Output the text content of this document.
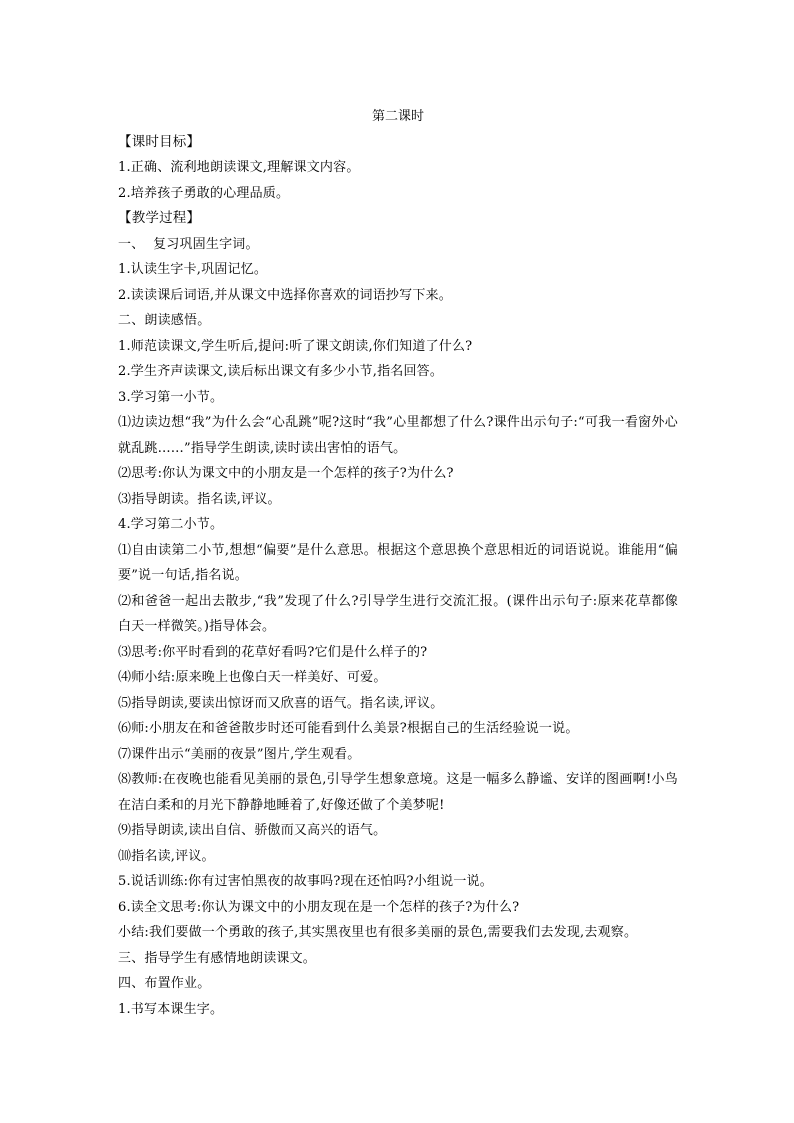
第二课时
【课时目标】
1.正确、流利地朗读课文,理解课文内容。
2.培养孩子勇敢的心理品质。
【教学过程】
一、  复习巩固生字词。
1.认读生字卡,巩固记忆。
2.读读课后词语,并从课文中选择你喜欢的词语抄写下来。
二、朗读感悟。
1.师范读课文,学生听后,提问:听了课文朗读,你们知道了什么?
2.学生齐声读课文,读后标出课文有多少小节,指名回答。
3.学习第一小节。
⑴边读边想“我”为什么会“心乱跳”呢?这时“我”心里都想了什么?课件出示句子:“可我一看窗外心就乱跳……”指导学生朗读,读时读出害怕的语气。
⑵思考:你认为课文中的小朋友是一个怎样的孩子?为什么?
⑶指导朗读。指名读,评议。
4.学习第二小节。
⑴自由读第二小节,想想“偏要”是什么意思。根据这个意思换个意思相近的词语说说。谁能用“偏要”说一句话,指名说。
⑵和爸爸一起出去散步,“我”发现了什么?引导学生进行交流汇报。(课件出示句子:原来花草都像白天一样微笑。)指导体会。
⑶思考:你平时看到的花草好看吗?它们是什么样子的?
⑷师小结:原来晚上也像白天一样美好、可爱。
⑸指导朗读,要读出惊讶而又欣喜的语气。指名读,评议。
⑹师:小朋友在和爸爸散步时还可能看到什么美景?根据自己的生活经验说一说。
⑺课件出示“美丽的夜景”图片,学生观看。
⑻教师:在夜晚也能看见美丽的景色,引导学生想象意境。这是一幅多么静谧、安详的图画啊!小鸟在洁白柔和的月光下静静地睡着了,好像还做了个美梦呢!
⑼指导朗读,读出自信、骄傲而又高兴的语气。
⑽指名读,评议。
5.说话训练:你有过害怕黑夜的故事吗?现在还怕吗?小组说一说。
6.读全文思考:你认为课文中的小朋友现在是一个怎样的孩子?为什么?
小结:我们要做一个勇敢的孩子,其实黑夜里也有很多美丽的景色,需要我们去发现,去观察。
三、指导学生有感情地朗读课文。
四、布置作业。
1.书写本课生字。
